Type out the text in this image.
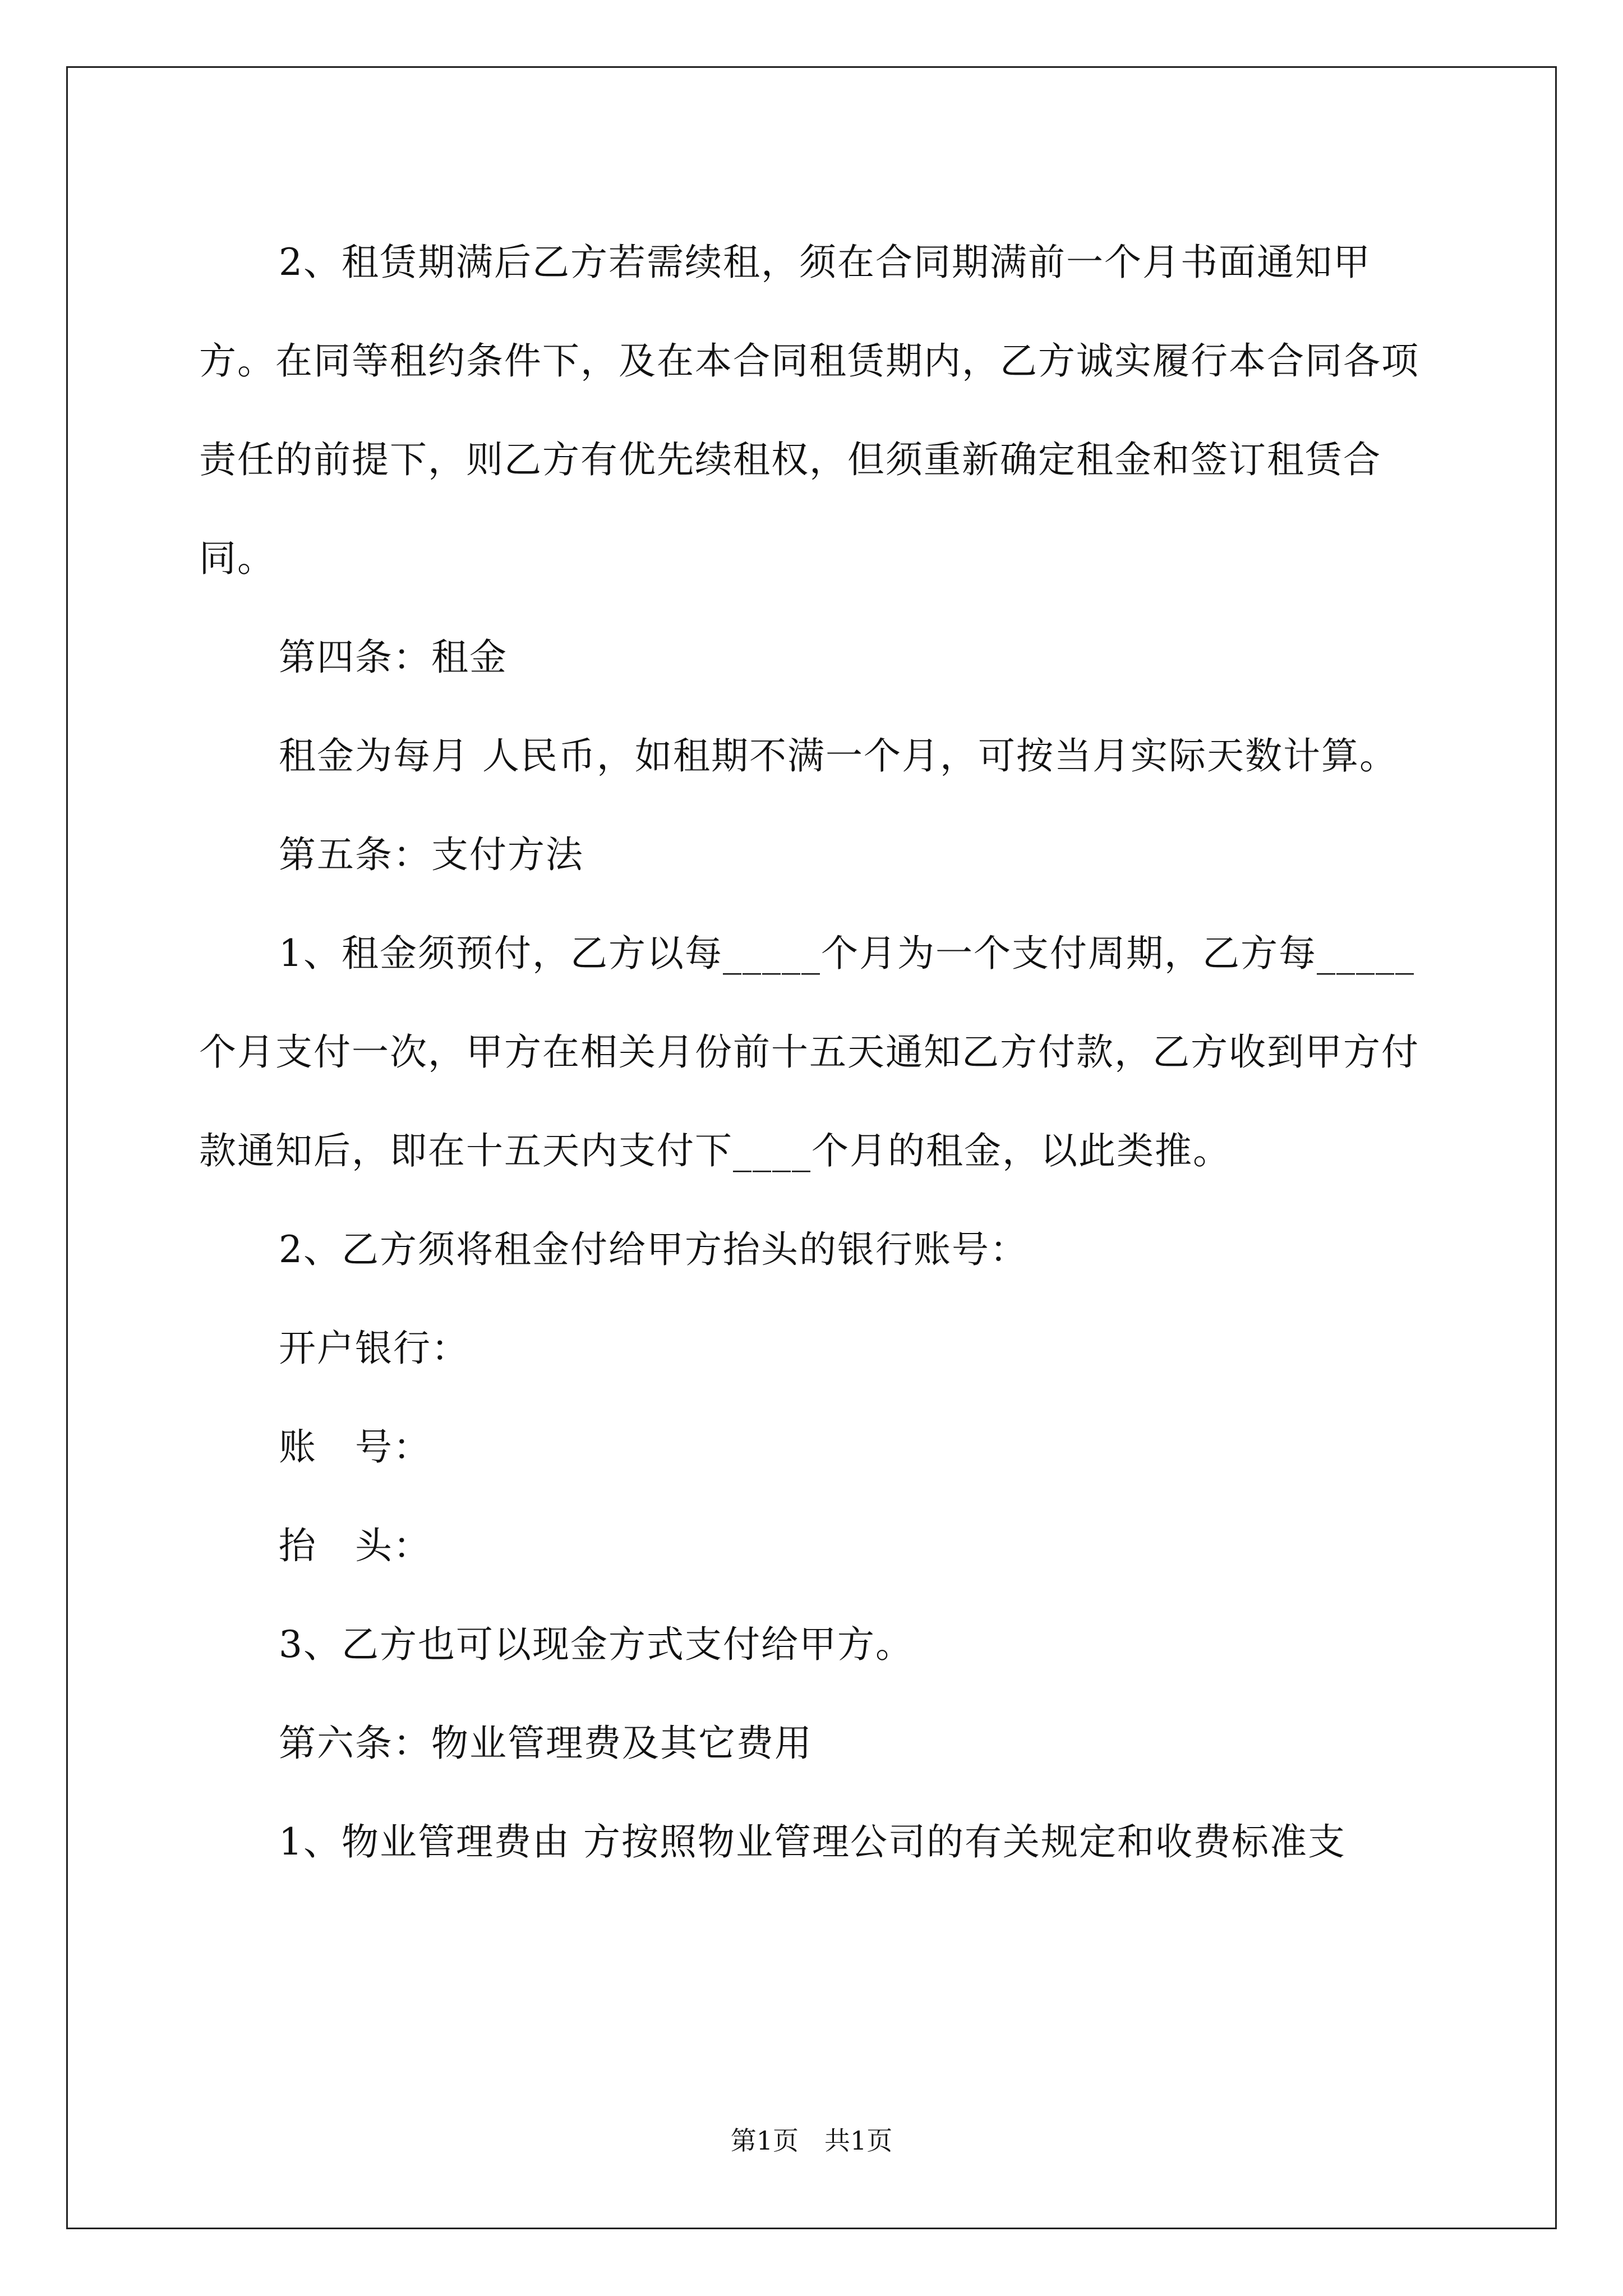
2、租赁期满后乙方若需续租，须在合同期满前一个月书面通知甲方。在同等租约条件下，及在本合同租赁期内，乙方诚实履行本合同各项责任的前提下，则乙方有优先续租权，但须重新确定租金和签订租赁合同。

第四条：租金

租金为每月 人民币，如租期不满一个月，可按当月实际天数计算。

第五条：支付方法

1、租金须预付，乙方以每_____个月为一个支付周期，乙方每_____个月支付一次，甲方在相关月份前十五天通知乙方付款，乙方收到甲方付款通知后，即在十五天内支付下____个月的租金，以此类推。

2、乙方须将租金付给甲方抬头的银行账号：

开户银行：

账　号：

抬　头：

3、乙方也可以现金方式支付给甲方。

第六条：物业管理费及其它费用

1、物业管理费由 方按照物业管理公司的有关规定和收费标准支

第1页　共1页
